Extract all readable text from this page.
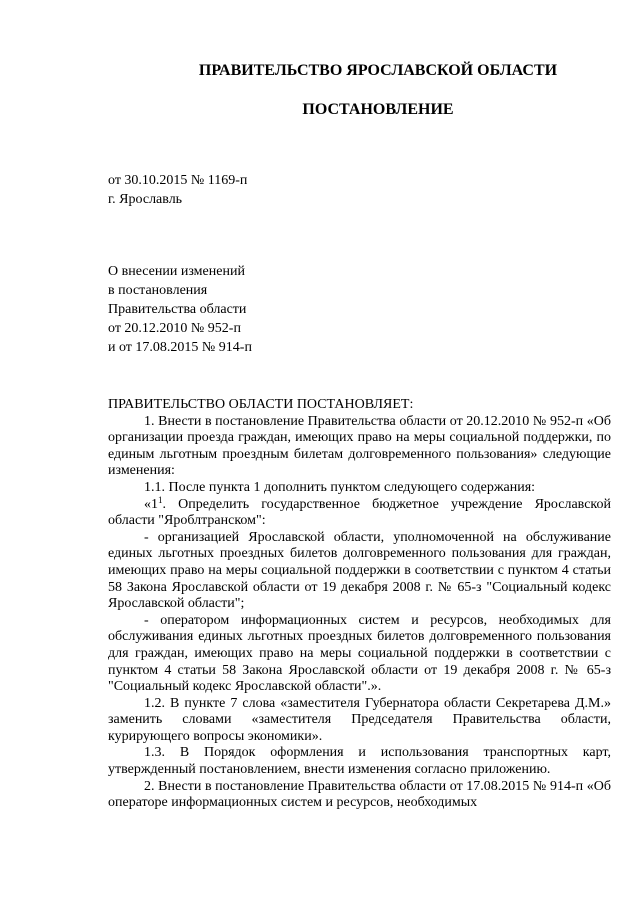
ПРАВИТЕЛЬСТВО ЯРОСЛАВСКОЙ ОБЛАСТИ
ПОСТАНОВЛЕНИЕ
от 30.10.2015 № 1169-п
г. Ярославль
О внесении изменений
в постановления
Правительства области
от 20.12.2010 № 952-п
и от 17.08.2015 № 914-п

ПРАВИТЕЛЬСТВО ОБЛАСТИ ПОСТАНОВЛЯЕТ:

1. Внести в постановление Правительства области от 20.12.2010 № 952-п «Об организации проезда граждан, имеющих право на меры социальной поддержки, по единым льготным проездным билетам долговременного пользования» следующие изменения:

1.1. После пункта 1 дополнить пунктом следующего содержания:

«$1^1$. Определить государственное бюджетное учреждение Ярославской области "Яроблтранском":

- организацией Ярославской области, уполномоченной на обслуживание единых льготных проездных билетов долговременного пользования для граждан, имеющих право на меры социальной поддержки в соответствии с пунктом 4 статьи 58 Закона Ярославской области от 19 декабря 2008 г. № 65-з "Социальный кодекс Ярославской области";

- оператором информационных систем и ресурсов, необходимых для обслуживания единых льготных проездных билетов долговременного пользования для граждан, имеющих право на меры социальной поддержки в соответствии с пунктом 4 статьи 58 Закона Ярославской области от 19 декабря 2008 г. № 65-з "Социальный кодекс Ярославской области".».

1.2. В пункте 7 слова «заместителя Губернатора области Секретарева Д.М.» заменить словами «заместителя Председателя Правительства области, курирующего вопросы экономики».

1.3. В Порядок оформления и использования транспортных карт, утвержденный постановлением, внести изменения согласно приложению.

2. Внести в постановление Правительства области от 17.08.2015 № 914-п «Об операторе информационных систем и ресурсов, необходимых
